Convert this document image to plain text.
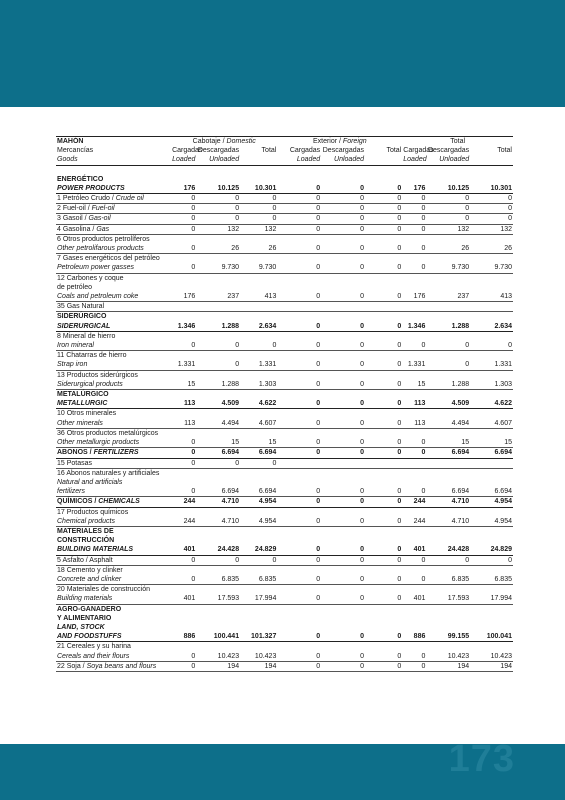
MAHÓN	Cabotaje / Domestic			Exterior / Foreign			Total		
Mercancías	Cargadas	Descargadas	Total	Cargadas	Descargadas	Total	Cargadas	Descargadas	Total
Goods	Loaded	Unloaded		Loaded	Unloaded		Loaded	Unloaded	

ENERGÉTICO									
POWER PRODUCTS	176	10.125	10.301	0	0	0	176	10.125	10.301
1 Petróleo Crudo / Crude oil	0	0	0	0	0	0	0	0	0
2 Fuel-oil / Fuel-oil	0	0	0	0	0	0	0	0	0
3 Gasoil / Gas-oil	0	0	0	0	0	0	0	0	0
4 Gasolina / Gas	0	132	132	0	0	0	0	132	132
6 Otros productos petrolíferos									
Other petrolifarous products	0	26	26	0	0	0	0	26	26
7 Gases energéticos del petróleo									
Petroleum power gasses	0	9.730	9.730	0	0	0	0	9.730	9.730
12 Carbones y coque									
de petróleo									
Coals and petroleum coke	176	237	413	0	0	0	176	237	413
35 Gas Natural									
SIDERÚRGICO									
SIDERURGICAL	1.346	1.288	2.634	0	0	0	1.346	1.288	2.634
8 Mineral de hierro									
Iron mineral	0	0	0	0	0	0	0	0	0
11 Chatarras de hierro									
Strap iron	1.331	0	1.331	0	0	0	1.331	0	1.331
13 Productos siderúrgicos									
Siderurgical products	15	1.288	1.303	0	0	0	15	1.288	1.303
METALÚRGICO									
METALLURGIC	113	4.509	4.622	0	0	0	113	4.509	4.622
10 Otros minerales									
Other minerals	113	4.494	4.607	0	0	0	113	4.494	4.607
36 Otros productos metalúrgicos									
Other metallurgic products	0	15	15	0	0	0	0	15	15
ABONOS / FERTILIZERS	0	6.694	6.694	0	0	0	0	6.694	6.694
15 Potasas	0	0	0						
16 Abonos naturales y artificiales									
Natural and artificials									
fertilizers	0	6.694	6.694	0	0	0	0	6.694	6.694
QUÍMICOS / CHEMICALS	244	4.710	4.954	0	0	0	244	4.710	4.954
17 Productos químicos									
Chemical products	244	4.710	4.954	0	0	0	244	4.710	4.954
MATERIALES DE									
CONSTRUCCIÓN									
BUILDING MATERIALS	401	24.428	24.829	0	0	0	401	24.428	24.829
5 Asfalto / Asphalt	0	0	0	0	0	0	0	0	0
18 Cemento y clinker									
Concrete and clinker	0	6.835	6.835	0	0	0	0	6.835	6.835
20 Materiales de construcción									
Building materials	401	17.593	17.994	0	0	0	401	17.593	17.994
AGRO-GANADERO									
Y ALIMENTARIO									
LAND, STOCK									
AND FOODSTUFFS	886	100.441	101.327	0	0	0	886	99.155	100.041
21 Cereales y su harina									
Cereals and their flours	0	10.423	10.423	0	0	0	0	10.423	10.423
22 Soja / Soya beans and flours	0	194	194	0	0	0	0	194	194
173
